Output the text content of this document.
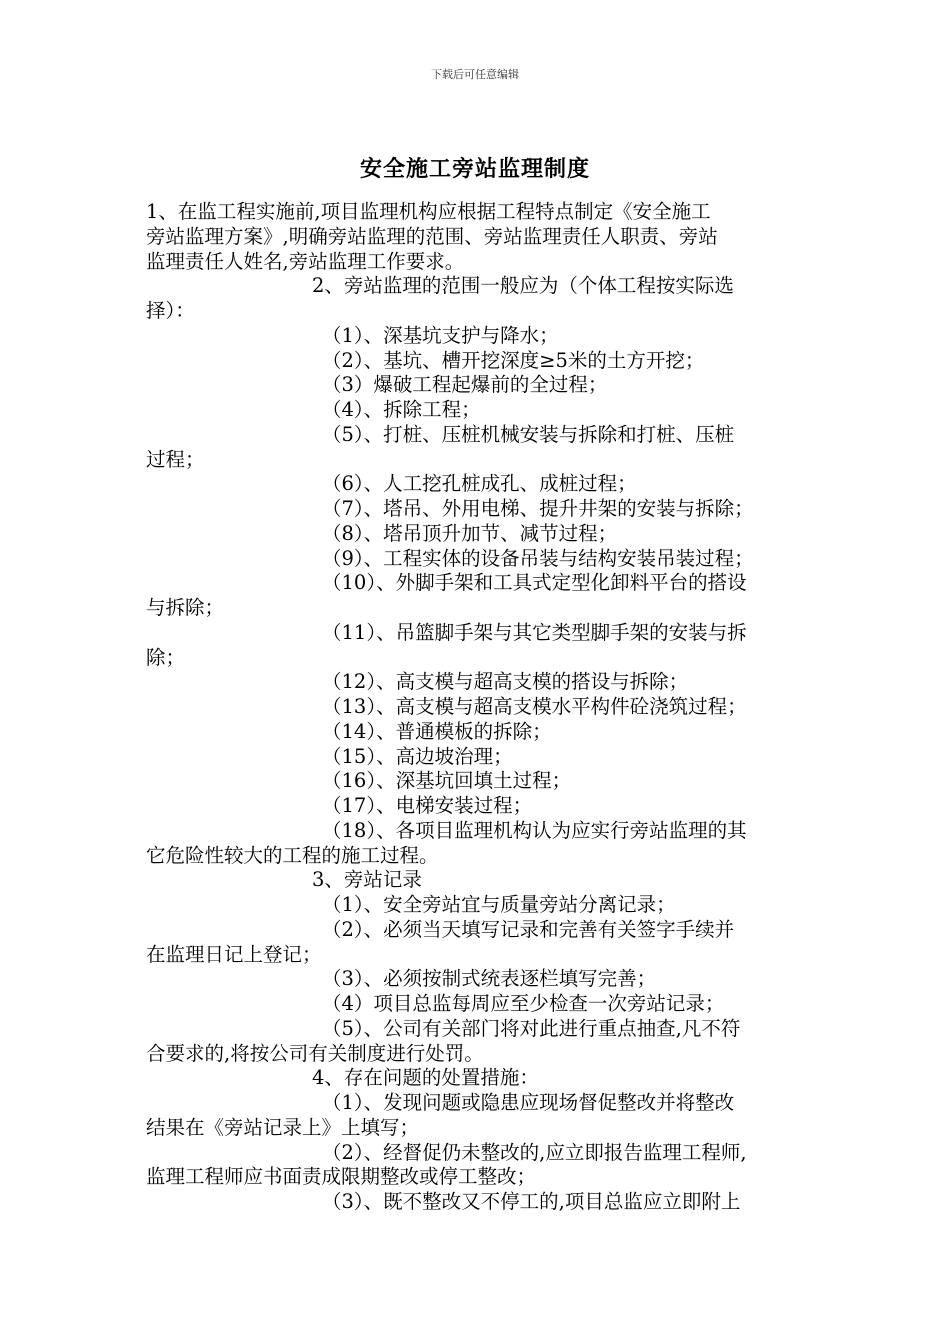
下载后可任意编辑
安全施工旁站监理制度
1、在监工程实施前,项目监理机构应根据工程特点制定《安全施工
旁站监理方案》,明确旁站监理的范围、旁站监理责任人职责、旁站
监理责任人姓名,旁站监理工作要求。
2、旁站监理的范围一般应为（个体工程按实际选
择）：
（1）、深基坑支护与降水；
（2）、基坑、槽开挖深度≥5米的土方开挖；
（3）爆破工程起爆前的全过程；
（4）、拆除工程；
（5）、打桩、压桩机械安装与拆除和打桩、压桩
过程；
（6）、人工挖孔桩成孔、成桩过程；
（7）、塔吊、外用电梯、提升井架的安装与拆除；
（8）、塔吊顶升加节、减节过程；
（9）、工程实体的设备吊装与结构安装吊装过程；
（10）、外脚手架和工具式定型化卸料平台的搭设
与拆除；
（11）、吊篮脚手架与其它类型脚手架的安装与拆
除；
（12）、高支模与超高支模的搭设与拆除；
（13）、高支模与超高支模水平构件砼浇筑过程；
（14）、普通模板的拆除；
（15）、高边坡治理；
（16）、深基坑回填土过程；
（17）、电梯安装过程；
（18）、各项目监理机构认为应实行旁站监理的其
它危险性较大的工程的施工过程。
3、旁站记录
（1）、安全旁站宜与质量旁站分离记录；
（2）、必须当天填写记录和完善有关签字手续并
在监理日记上登记；
（3）、必须按制式统表逐栏填写完善；
（4）项目总监每周应至少检查一次旁站记录；
（5）、公司有关部门将对此进行重点抽查,凡不符
合要求的,将按公司有关制度进行处罚。
4、存在问题的处置措施：
（1）、发现问题或隐患应现场督促整改并将整改
结果在《旁站记录上》上填写；
（2）、经督促仍未整改的,应立即报告监理工程师,
监理工程师应书面责成限期整改或停工整改；
（3）、既不整改又不停工的,项目总监应立即附上
